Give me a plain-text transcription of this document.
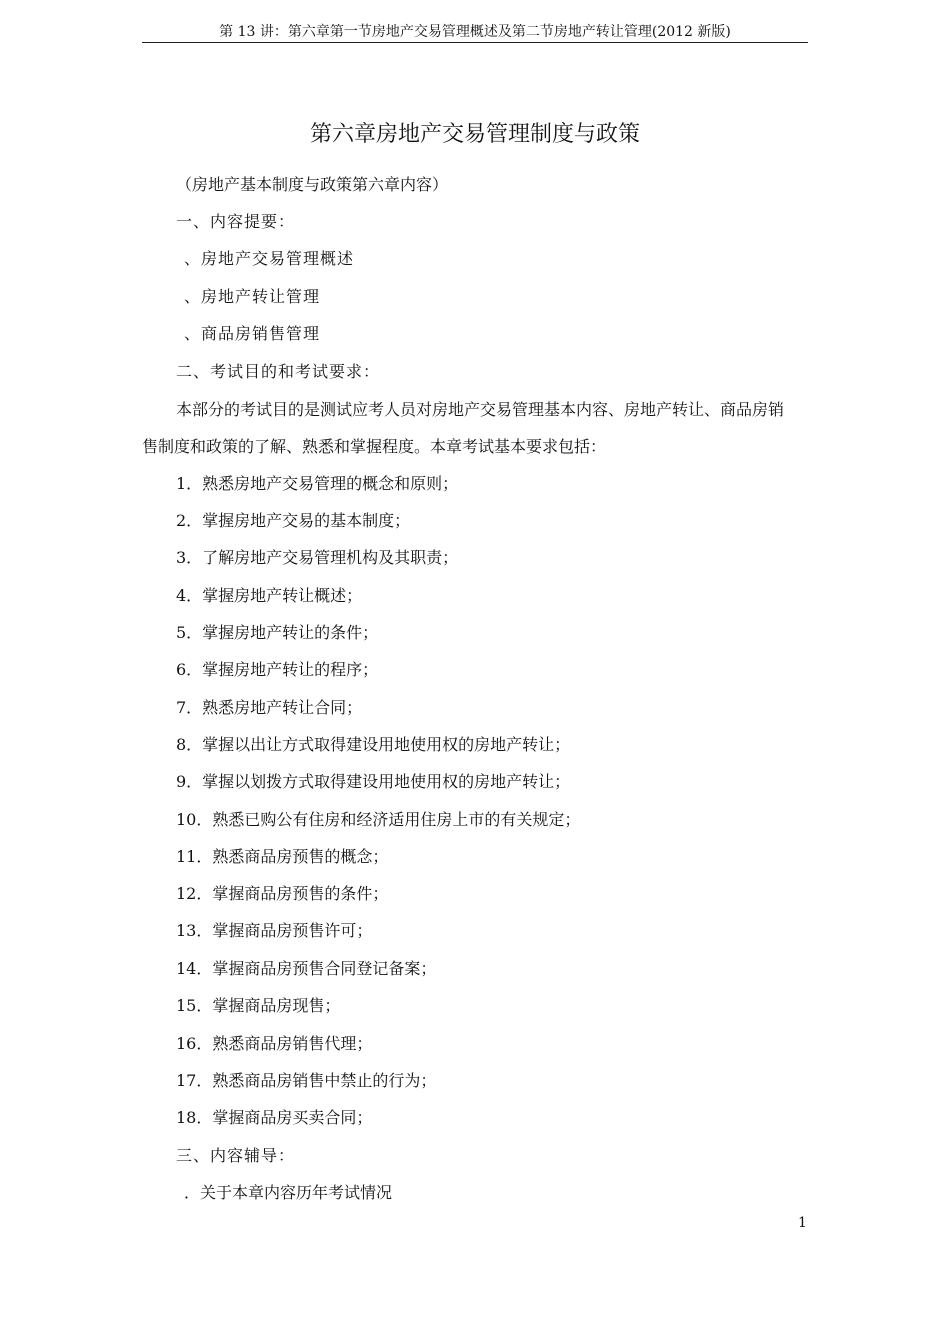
第 13 讲：第六章第一节房地产交易管理概述及第二节房地产转让管理(2012 新版)
第六章房地产交易管理制度与政策
（房地产基本制度与政策第六章内容）
一、内容提要：
、房地产交易管理概述
、房地产转让管理
、商品房销售管理
二、考试目的和考试要求：
本部分的考试目的是测试应考人员对房地产交易管理基本内容、房地产转让、商品房销
售制度和政策的了解、熟悉和掌握程度。本章考试基本要求包括：
1．熟悉房地产交易管理的概念和原则；
2．掌握房地产交易的基本制度；
3．了解房地产交易管理机构及其职责；
4．掌握房地产转让概述；
5．掌握房地产转让的条件；
6．掌握房地产转让的程序；
7．熟悉房地产转让合同；
8．掌握以出让方式取得建设用地使用权的房地产转让；
9．掌握以划拨方式取得建设用地使用权的房地产转让；
10．熟悉已购公有住房和经济适用住房上市的有关规定；
11．熟悉商品房预售的概念；
12．掌握商品房预售的条件；
13．掌握商品房预售许可；
14．掌握商品房预售合同登记备案；
15．掌握商品房现售；
16．熟悉商品房销售代理；
17．熟悉商品房销售中禁止的行为；
18．掌握商品房买卖合同；
三、内容辅导：
．关于本章内容历年考试情况
1
